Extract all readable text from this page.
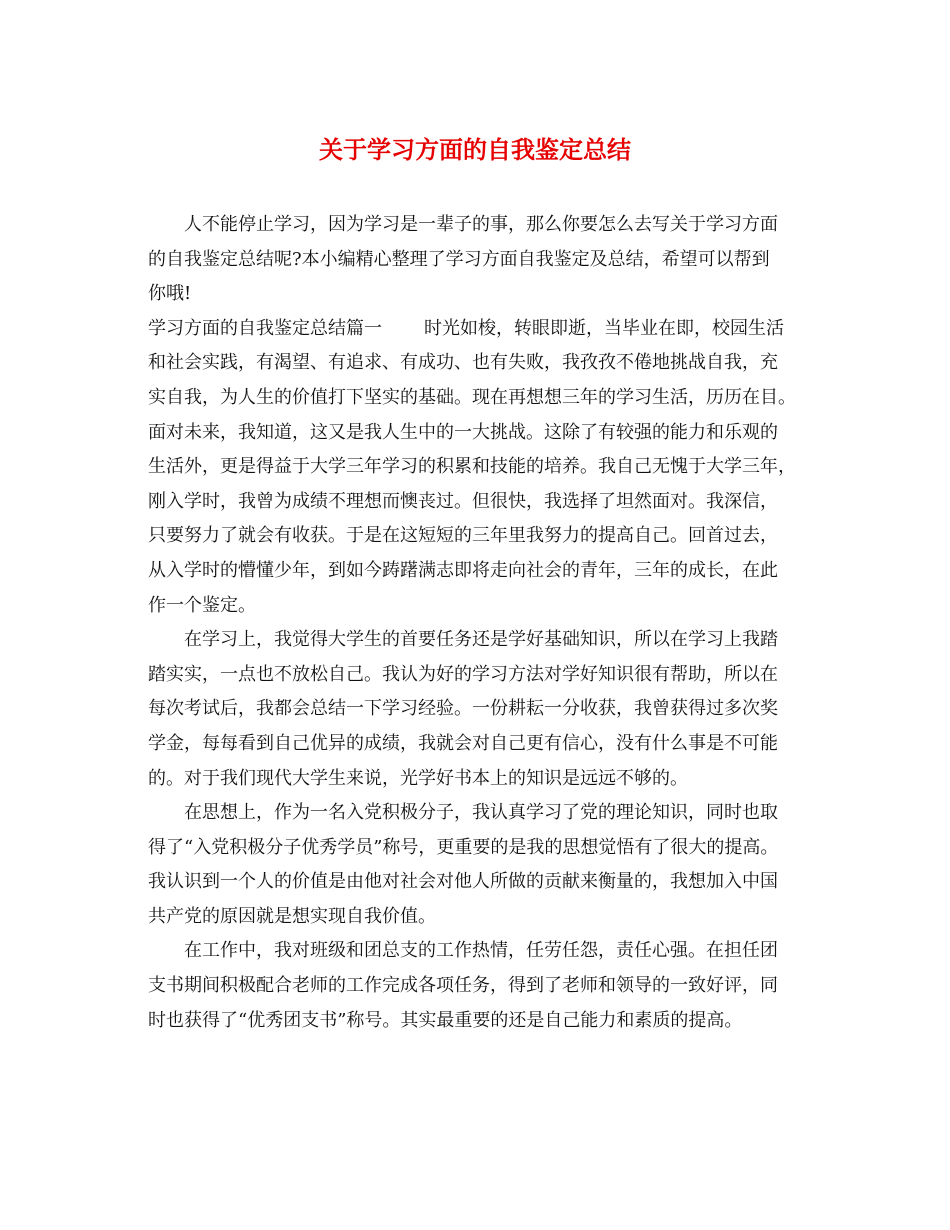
关于学习方面的自我鉴定总结
人不能停止学习，因为学习是一辈子的事，那么你要怎么去写关于学习方面
的自我鉴定总结呢?本小编精心整理了学习方面自我鉴定及总结，希望可以帮到
你哦!
学习方面的自我鉴定总结篇一 时光如梭，转眼即逝，当毕业在即，校园生活
和社会实践，有渴望、有追求、有成功、也有失败，我孜孜不倦地挑战自我，充
实自我，为人生的价值打下坚实的基础。现在再想想三年的学习生活，历历在目。
面对未来，我知道，这又是我人生中的一大挑战。这除了有较强的能力和乐观的
生活外，更是得益于大学三年学习的积累和技能的培养。我自己无愧于大学三年，
刚入学时，我曾为成绩不理想而懊丧过。但很快，我选择了坦然面对。我深信，
只要努力了就会有收获。于是在这短短的三年里我努力的提高自己。回首过去，
从入学时的懵懂少年，到如今踌躇满志即将走向社会的青年，三年的成长，在此
作一个鉴定。
在学习上，我觉得大学生的首要任务还是学好基础知识，所以在学习上我踏
踏实实，一点也不放松自己。我认为好的学习方法对学好知识很有帮助，所以在
每次考试后，我都会总结一下学习经验。一份耕耘一分收获，我曾获得过多次奖
学金，每每看到自己优异的成绩，我就会对自己更有信心，没有什么事是不可能
的。对于我们现代大学生来说，光学好书本上的知识是远远不够的。
在思想上，作为一名入党积极分子，我认真学习了党的理论知识，同时也取
得了“入党积极分子优秀学员”称号，更重要的是我的思想觉悟有了很大的提高。
我认识到一个人的价值是由他对社会对他人所做的贡献来衡量的，我想加入中国
共产党的原因就是想实现自我价值。
在工作中，我对班级和团总支的工作热情，任劳任怨，责任心强。在担任团
支书期间积极配合老师的工作完成各项任务，得到了老师和领导的一致好评，同
时也获得了“优秀团支书”称号。其实最重要的还是自己能力和素质的提高。
